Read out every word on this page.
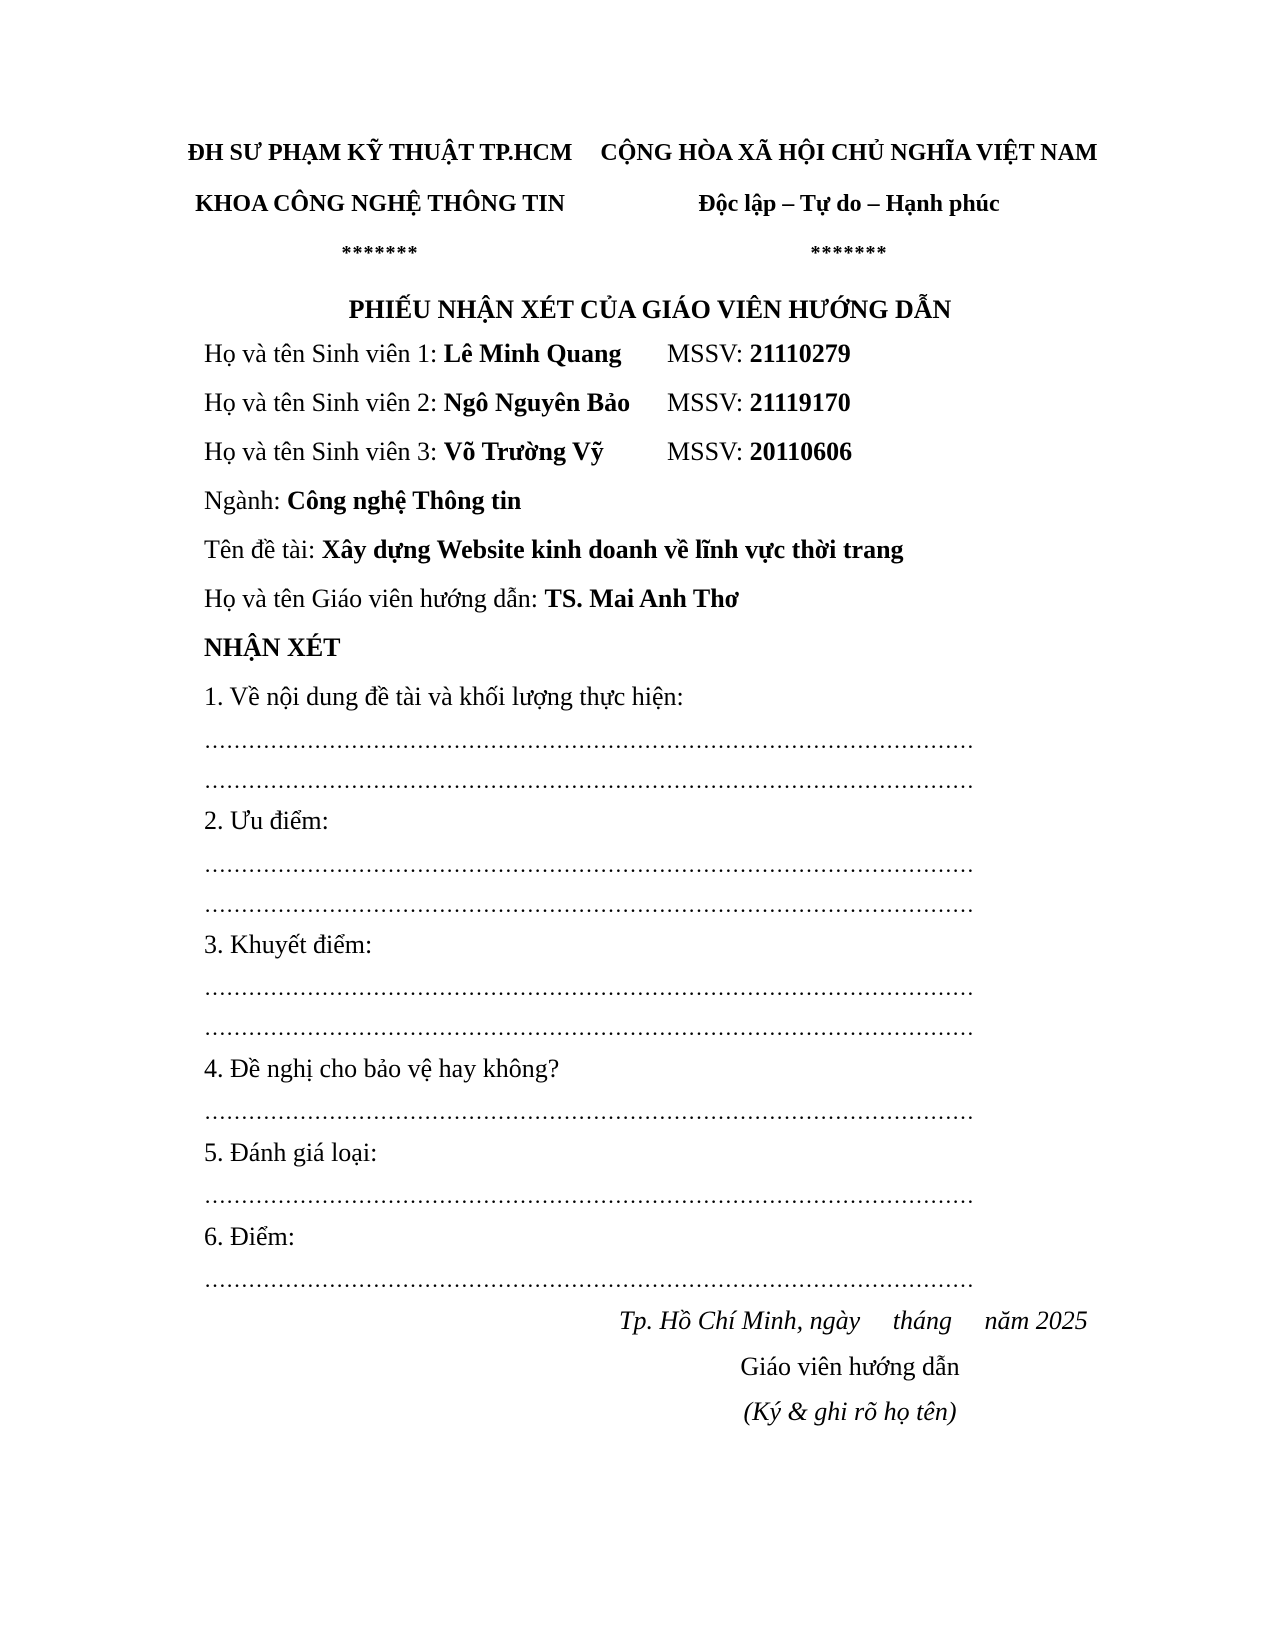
ĐH SƯ PHẠM KỸ THUẬT TP.HCM
KHOA CÔNG NGHỆ THÔNG TIN
*******
CỘNG HÒA XÃ HỘI CHỦ NGHĨA VIỆT NAM
Độc lập – Tự do – Hạnh phúc
*******
PHIẾU NHẬN XÉT CỦA GIÁO VIÊN HƯỚNG DẪN
Họ và tên Sinh viên 1: Lê Minh Quang MSSV: 21110279
Họ và tên Sinh viên 2: Ngô Nguyên Bảo MSSV: 21119170
Họ và tên Sinh viên 3: Võ Trường Vỹ MSSV: 20110606
Ngành: Công nghệ Thông tin
Tên đề tài: Xây dựng Website kinh doanh về lĩnh vực thời trang
Họ và tên Giáo viên hướng dẫn: TS. Mai Anh Thơ
NHẬN XÉT
1. Về nội dung đề tài và khối lượng thực hiện:
……………………………………………………………………………………………
……………………………………………………………………………………………
2. Ưu điểm:
……………………………………………………………………………………………
……………………………………………………………………………………………
3. Khuyết điểm:
……………………………………………………………………………………………
……………………………………………………………………………………………
4. Đề nghị cho bảo vệ hay không?
……………………………………………………………………………………………
5. Đánh giá loại:
……………………………………………………………………………………………
6. Điểm:
……………………………………………………………………………………………
Tp. Hồ Chí Minh, ngày     tháng     năm 2025
Giáo viên hướng dẫn
(Ký & ghi rõ họ tên)
